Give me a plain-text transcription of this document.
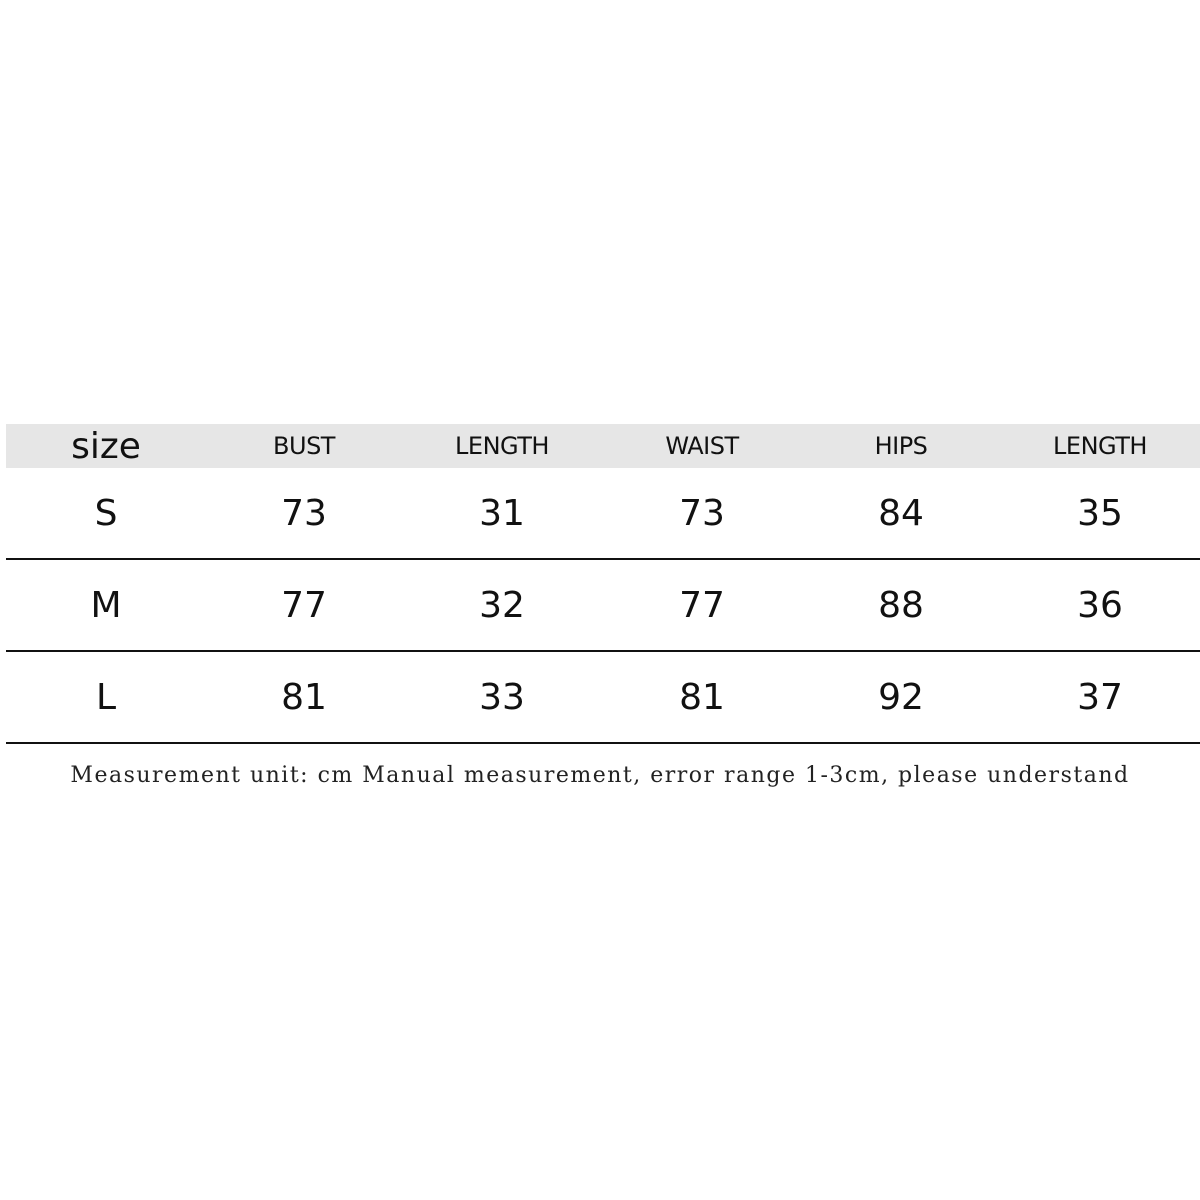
size	BUST	LENGTH	WAIST	HIPS	LENGTH
S	73	31	73	84	35
M	77	32	77	88	36
L	81	33	81	92	37
Measurement unit: cm Manual measurement, error range 1-3cm, please understand
